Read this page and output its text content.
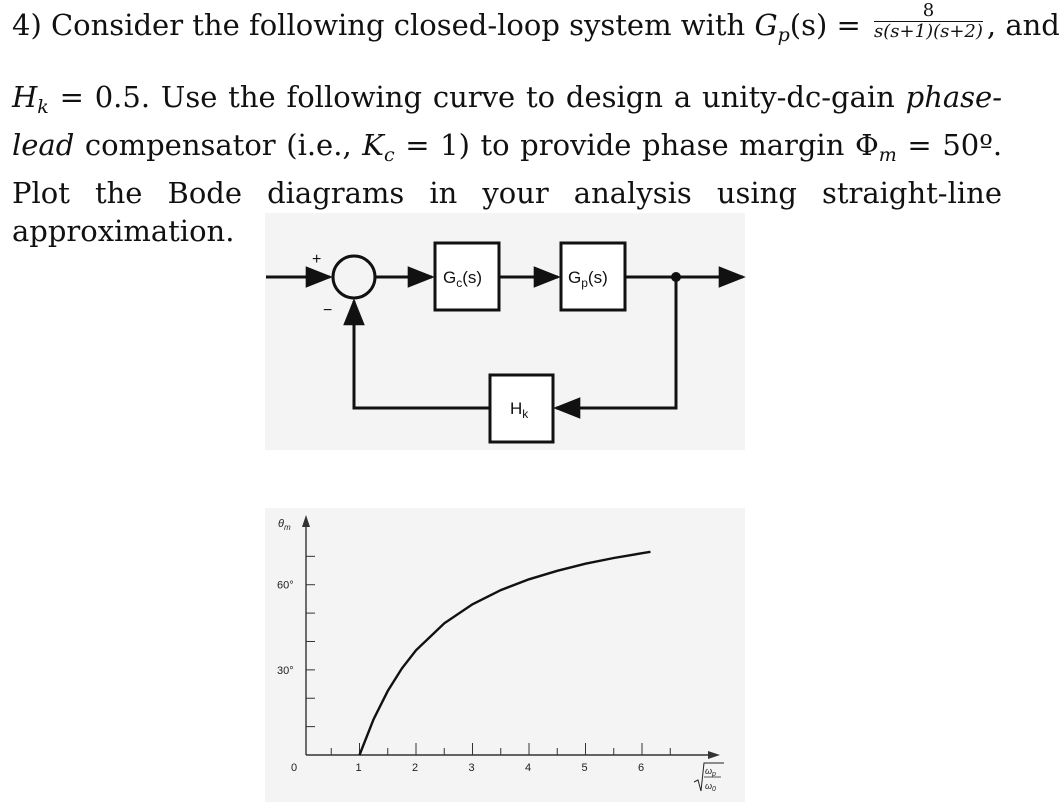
4) Consider the following closed-loop system with $G_p(s) = \frac{8}{s(s+1)(s+2)}$ , and
$H_k = 0.5$. Use the following curve to design a unity-dc-gain phase-lead compensator (i.e., $K_c = 1$) to provide phase margin $\Phi_m$ = 50º. Plot the Bode diagrams in your analysis using straight-line approximation.
+
−
$G_c(s)$	$G_p(s)$
$H_k$
$\theta_m$
$\omega_p$
$\omega_0$
0	1	2	3	4	5	6
30°
60°
